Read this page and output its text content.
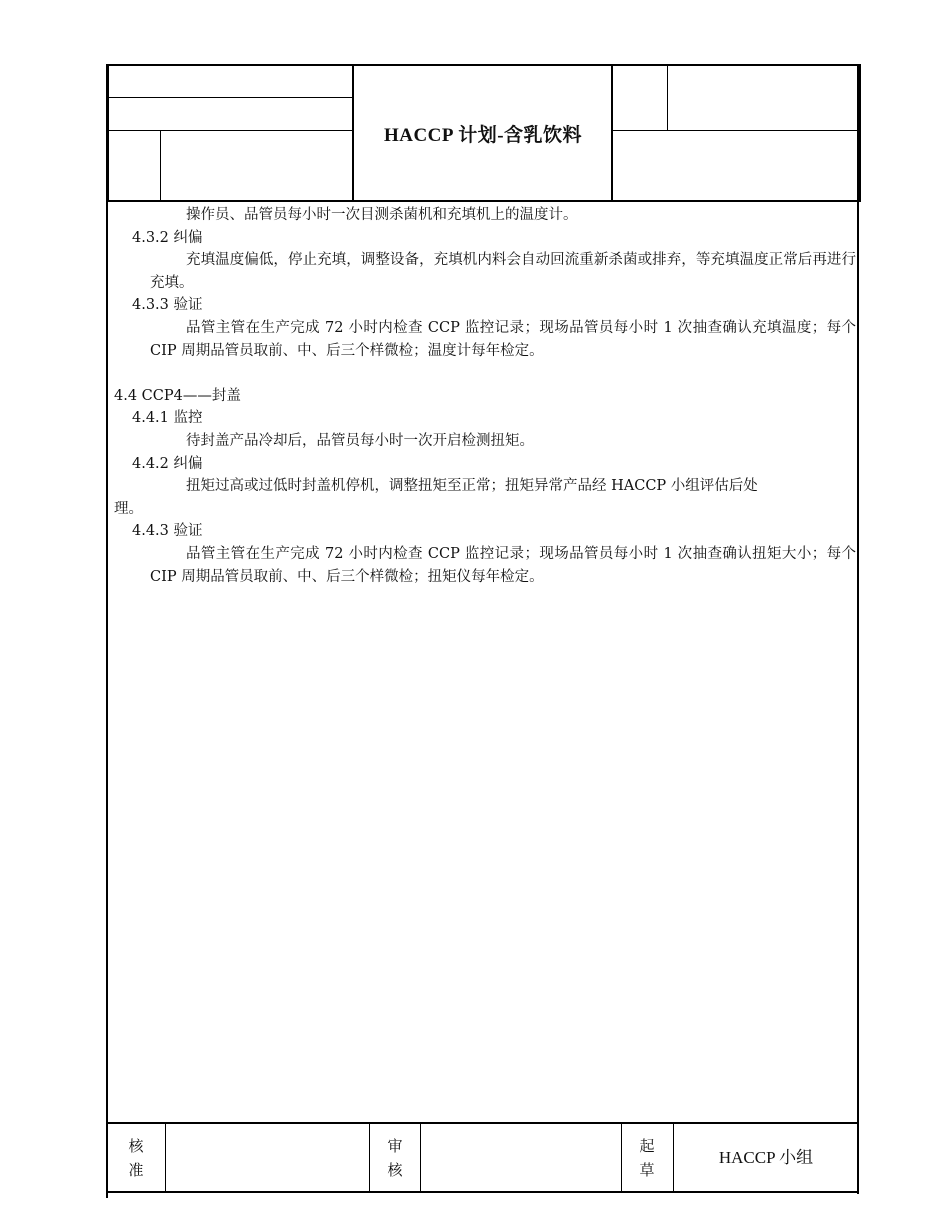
HACCP 计划-含乳饮料

操作员、品管员每小时一次目测杀菌机和充填机上的温度计。

4.3.2 纠偏

充填温度偏低，停止充填，调整设备，充填机内料会自动回流重新杀菌或排弃，等充填温度正常后再进行充填。

4.3.3 验证

品管主管在生产完成 72 小时内检查 CCP 监控记录；现场品管员每小时 1 次抽查确认充填温度；每个 CIP 周期品管员取前、中、后三个样微检；温度计每年检定。

4.4 CCP4——封盖

4.4.1 监控

待封盖产品冷却后，品管员每小时一次开启检测扭矩。

4.4.2 纠偏

扭矩过高或过低时封盖机停机，调整扭矩至正常；扭矩异常产品经 HACCP 小组评估后处

理。

4.4.3 验证

品管主管在生产完成 72 小时内检查 CCP 监控记录；现场品管员每小时 1 次抽查确认扭矩大小；每个 CIP 周期品管员取前、中、后三个样微检；扭矩仪每年检定。

核
准
审
核
起
草
HACCP 小组
